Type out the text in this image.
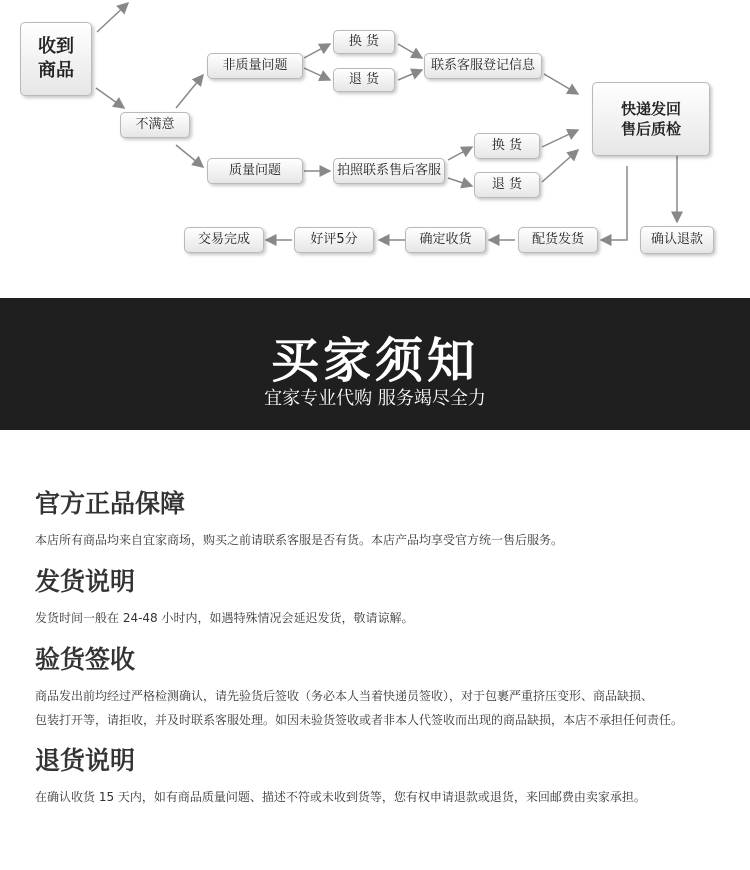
收到
商品
不满意
非质量问题
质量问题
换 货
退 货
联系客服登记信息
拍照联系售后客服
换 货
退 货
快递发回
售后质检
确认退款
配货发货
确定收货
好评5分
交易完成
买家须知
宜家专业代购 服务竭尽全力
官方正品保障

本店所有商品均来自宜家商场，购买之前请联系客服是否有货。本店产品均享受官方统一售后服务。

发货说明

发货时间一般在 24-48 小时内，如遇特殊情况会延迟发货，敬请谅解。

验货签收

商品发出前均经过严格检测确认，请先验货后签收（务必本人当着快递员签收），对于包裹严重挤压变形、商品缺损、

包装打开等，请拒收，并及时联系客服处理。如因未验货签收或者非本人代签收而出现的商品缺损，本店不承担任何责任。

退货说明

在确认收货 15 天内，如有商品质量问题、描述不符或未收到货等，您有权申请退款或退货，来回邮费由卖家承担。
